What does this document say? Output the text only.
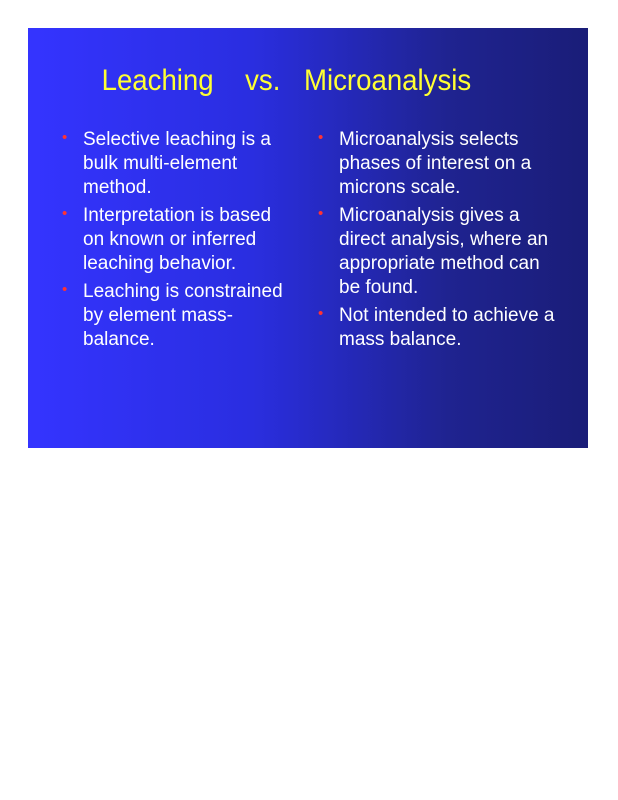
Leaching vs. Microanalysis
• Selective leaching is a bulk multi-element method.
• Interpretation is based on known or inferred leaching behavior.
• Leaching is constrained by element mass-balance.
• Microanalysis selects phases of interest on a microns scale.
• Microanalysis gives a direct analysis, where an appropriate method can be found.
• Not intended to achieve a mass balance.
